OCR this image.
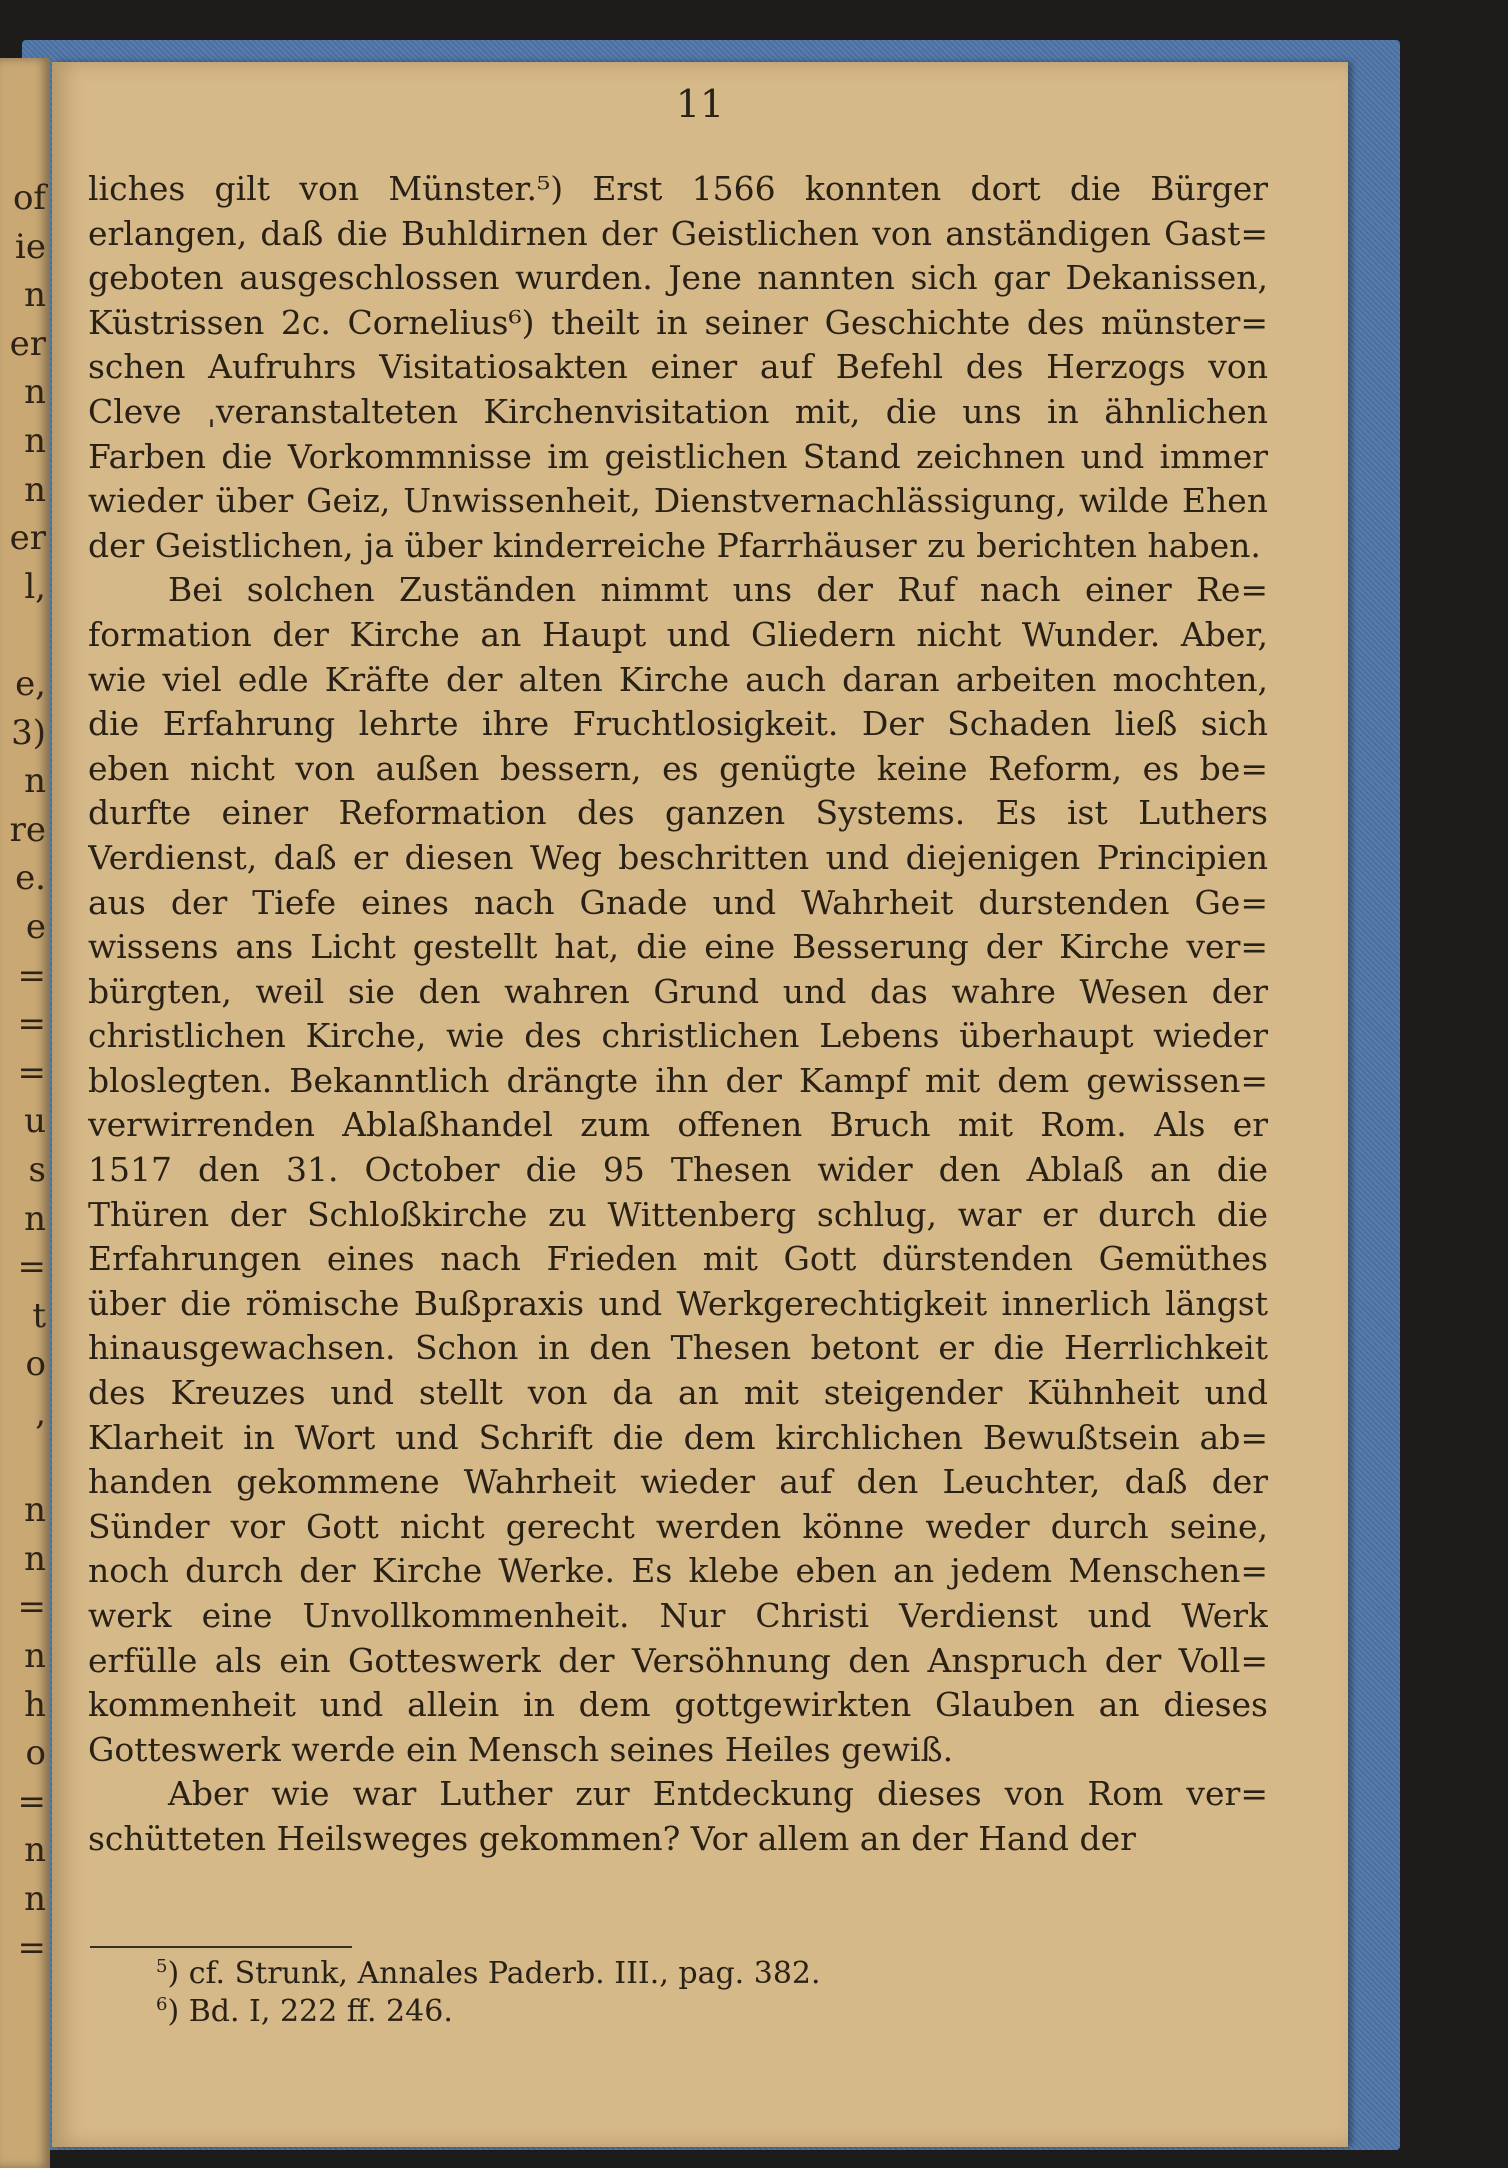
of
ie
n
er
n
n
n
er
l,
e,
3)
n
re
e.
e
=
=
=
u
s
n
=
t
o
,
n
n
=
n
h
o
=
n
n
=
11
liches gilt von Münster.⁵) Erst 1566 konnten dort die Bürger
erlangen, daß die Buhldirnen der Geistlichen von anständigen Gast=
geboten ausgeschlossen wurden. Jene nannten sich gar Dekanissen,
Küstrissen 2c. Cornelius⁶) theilt in seiner Geschichte des münster=
schen Aufruhrs Visitatiosakten einer auf Befehl des Herzogs von
Cleve ˌveranstalteten Kirchenvisitation mit, die uns in ähnlichen
Farben die Vorkommnisse im geistlichen Stand zeichnen und immer
wieder über Geiz, Unwissenheit, Dienstvernachlässigung, wilde Ehen
der Geistlichen, ja über kinderreiche Pfarrhäuser zu berichten haben.
Bei solchen Zuständen nimmt uns der Ruf nach einer Re=
formation der Kirche an Haupt und Gliedern nicht Wunder. Aber,
wie viel edle Kräfte der alten Kirche auch daran arbeiten mochten,
die Erfahrung lehrte ihre Fruchtlosigkeit. Der Schaden ließ sich
eben nicht von außen bessern, es genügte keine Reform, es be=
durfte einer Reformation des ganzen Systems. Es ist Luthers
Verdienst, daß er diesen Weg beschritten und diejenigen Principien
aus der Tiefe eines nach Gnade und Wahrheit durstenden Ge=
wissens ans Licht gestellt hat, die eine Besserung der Kirche ver=
bürgten, weil sie den wahren Grund und das wahre Wesen der
christlichen Kirche, wie des christlichen Lebens überhaupt wieder
bloslegten. Bekanntlich drängte ihn der Kampf mit dem gewissen=
verwirrenden Ablaßhandel zum offenen Bruch mit Rom. Als er
1517 den 31. October die 95 Thesen wider den Ablaß an die
Thüren der Schloßkirche zu Wittenberg schlug, war er durch die
Erfahrungen eines nach Frieden mit Gott dürstenden Gemüthes
über die römische Bußpraxis und Werkgerechtigkeit innerlich längst
hinausgewachsen. Schon in den Thesen betont er die Herrlichkeit
des Kreuzes und stellt von da an mit steigender Kühnheit und
Klarheit in Wort und Schrift die dem kirchlichen Bewußtsein ab=
handen gekommene Wahrheit wieder auf den Leuchter, daß der
Sünder vor Gott nicht gerecht werden könne weder durch seine,
noch durch der Kirche Werke. Es klebe eben an jedem Menschen=
werk eine Unvollkommenheit. Nur Christi Verdienst und Werk
erfülle als ein Gotteswerk der Versöhnung den Anspruch der Voll=
kommenheit und allein in dem gottgewirkten Glauben an dieses
Gotteswerk werde ein Mensch seines Heiles gewiß.
Aber wie war Luther zur Entdeckung dieses von Rom ver=
schütteten Heilsweges gekommen? Vor allem an der Hand der
$^5$) cf. Strunk, Annales Paderb. III., pag. 382.
$^6$) Bd. I, 222 ff. 246.
